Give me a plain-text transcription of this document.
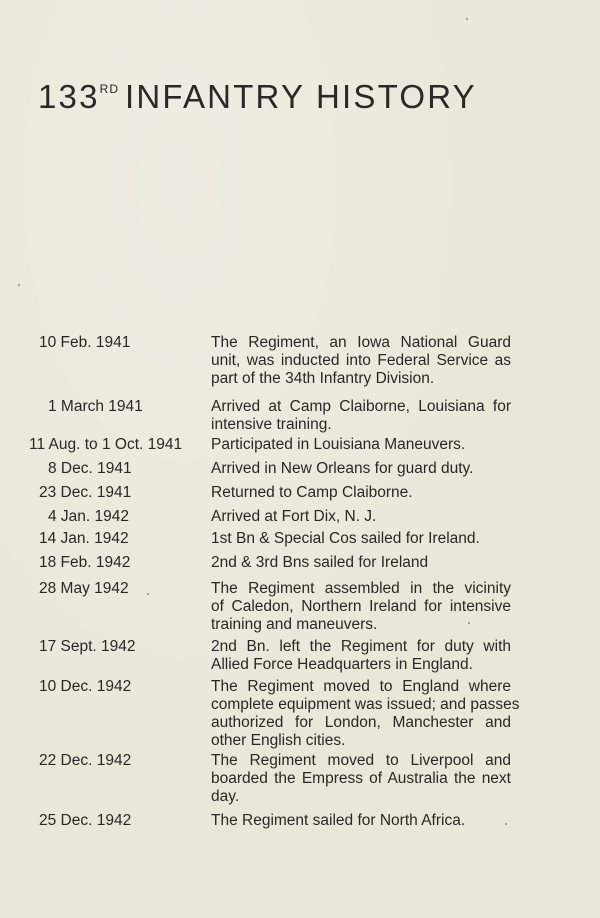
133RD INFANTRY HISTORY
10 Feb. 1941	The Regiment, an Iowa National Guard
unit, was inducted into Federal Service as
part of the 34th Infantry Division.
1 March 1941	Arrived at Camp Claiborne, Louisiana for
intensive training.
11 Aug. to 1 Oct. 1941	Participated in Louisiana Maneuvers.
8 Dec. 1941	Arrived in New Orleans for guard duty.
23 Dec. 1941	Returned to Camp Claiborne.
4 Jan. 1942	Arrived at Fort Dix, N. J.
14 Jan. 1942	1st Bn & Special Cos sailed for Ireland.
18 Feb. 1942	2nd & 3rd Bns sailed for Ireland
28 May 1942	The Regiment assembled in the vicinity
of Caledon, Northern Ireland for intensive
training and maneuvers.
17 Sept. 1942	2nd Bn. left the Regiment for duty with
Allied Force Headquarters in England.
10 Dec. 1942	The Regiment moved to England where
complete equipment was issued; and passes
authorized for London, Manchester and
other English cities.
22 Dec. 1942	The Regiment moved to Liverpool and
boarded the Empress of Australia the next
day.
25 Dec. 1942	The Regiment sailed for North Africa.
